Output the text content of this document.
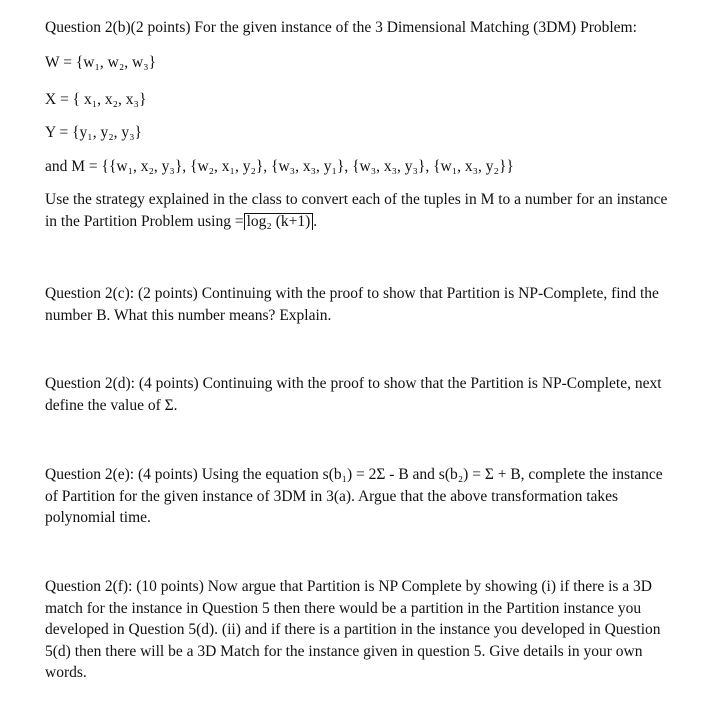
Question 2(b)(2 points) For the given instance of the 3 Dimensional Matching (3DM) Problem:
W = {w₁, w₂, w₃}
X = { x₁, x₂, x₃}
Y = {y₁, y₂, y₃}
and M = {{w₁, x₂, y₃}, {w₂, x₁, y₂}, {w₃, x₃, y₁}, {w₃, x₃, y₃}, {w₁, x₃, y₂}}
Use the strategy explained in the class to convert each of the tuples in M to a number for an instance in the Partition Problem using = log₂ (k+1) .
Question 2(c): (2 points) Continuing with the proof to show that Partition is NP-Complete, find the number B. What this number means? Explain.
Question 2(d): (4 points) Continuing with the proof to show that the Partition is NP-Complete, next define the value of Σ.
Question 2(e): (4 points) Using the equation s(b₁) = 2Σ - B and s(b₂) = Σ + B, complete the instance of Partition for the given instance of 3DM in 3(a). Argue that the above transformation takes polynomial time.
Question 2(f): (10 points) Now argue that Partition is NP Complete by showing (i) if there is a 3D match for the instance in Question 5 then there would be a partition in the Partition instance you developed in Question 5(d). (ii) and if there is a partition in the instance you developed in Question 5(d) then there will be a 3D Match for the instance given in question 5. Give details in your own words.
